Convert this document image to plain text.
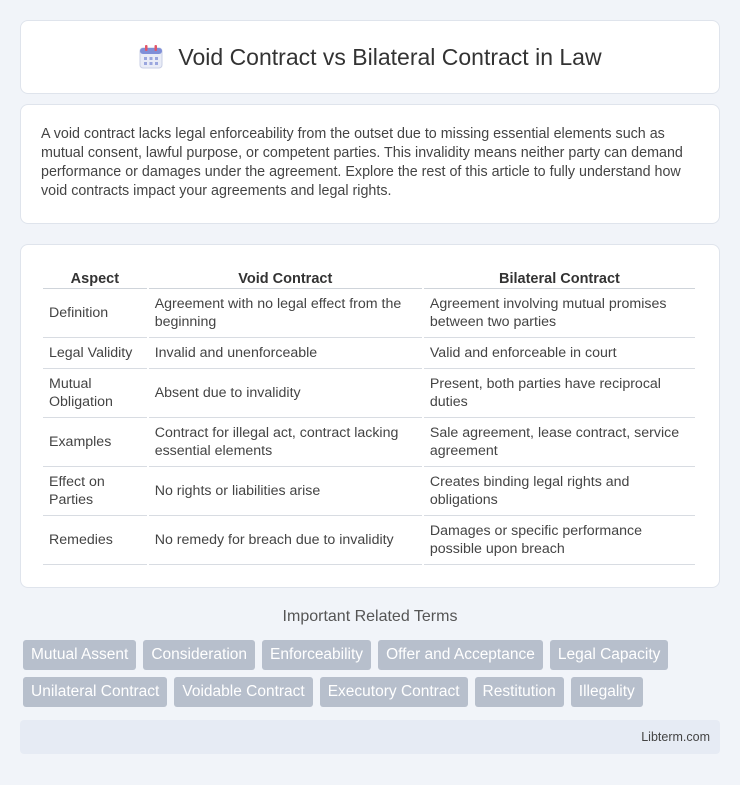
Void Contract vs Bilateral Contract in Law

A void contract lacks legal enforceability from the outset due to missing essential elements such as mutual consent, lawful purpose, or competent parties. This invalidity means neither party can demand performance or damages under the agreement. Explore the rest of this article to fully understand how void contracts impact your agreements and legal rights.

Aspect	Void Contract	Bilateral Contract
Definition	Agreement with no legal effect from the beginning	Agreement involving mutual promises between two parties
Legal Validity	Invalid and unenforceable	Valid and enforceable in court
Mutual Obligation	Absent due to invalidity	Present, both parties have reciprocal duties
Examples	Contract for illegal act, contract lacking essential elements	Sale agreement, lease contract, service agreement
Effect on Parties	No rights or liabilities arise	Creates binding legal rights and obligations
Remedies	No remedy for breach due to invalidity	Damages or specific performance possible upon breach
Important Related Terms
Mutual Assent	Consideration	Enforceability	Offer and Acceptance	Legal Capacity
Unilateral Contract	Voidable Contract	Executory Contract	Restitution	Illegality
Libterm.com
